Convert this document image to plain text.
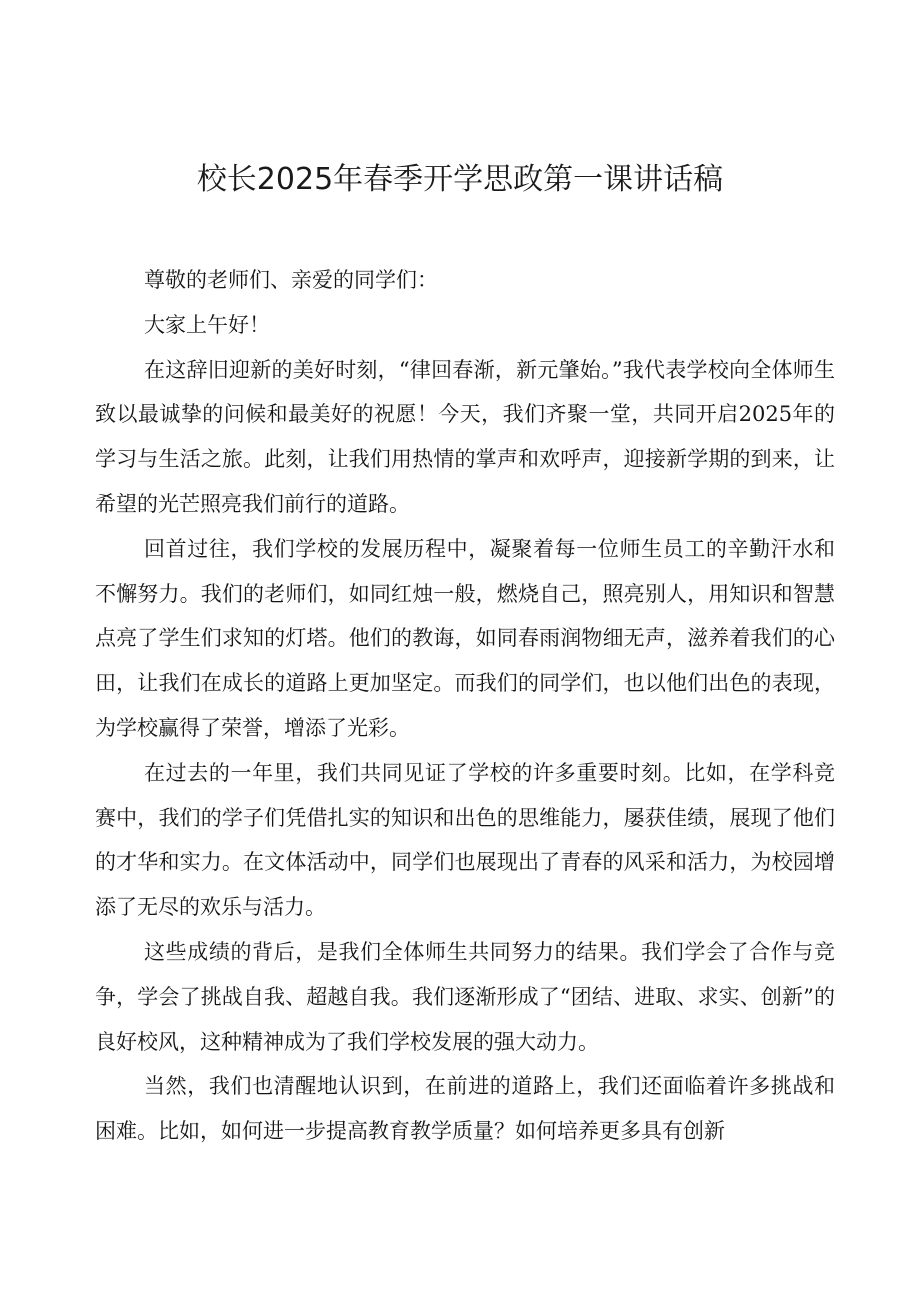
校长2025年春季开学思政第一课讲话稿

尊敬的老师们、亲爱的同学们：

大家上午好！

在这辞旧迎新的美好时刻，“律回春渐，新元肇始。”我代表学校向全体师生致以最诚挚的问候和最美好的祝愿！今天，我们齐聚一堂，共同开启2025年的学习与生活之旅。此刻，让我们用热情的掌声和欢呼声，迎接新学期的到来，让希望的光芒照亮我们前行的道路。

回首过往，我们学校的发展历程中，凝聚着每一位师生员工的辛勤汗水和不懈努力。我们的老师们，如同红烛一般，燃烧自己，照亮别人，用知识和智慧点亮了学生们求知的灯塔。他们的教诲，如同春雨润物细无声，滋养着我们的心田，让我们在成长的道路上更加坚定。而我们的同学们，也以他们出色的表现，为学校赢得了荣誉，增添了光彩。

在过去的一年里，我们共同见证了学校的许多重要时刻。比如，在学科竞赛中，我们的学子们凭借扎实的知识和出色的思维能力，屡获佳绩，展现了他们的才华和实力。在文体活动中，同学们也展现出了青春的风采和活力，为校园增添了无尽的欢乐与活力。

这些成绩的背后，是我们全体师生共同努力的结果。我们学会了合作与竞争，学会了挑战自我、超越自我。我们逐渐形成了“团结、进取、求实、创新”的良好校风，这种精神成为了我们学校发展的强大动力。

当然，我们也清醒地认识到，在前进的道路上，我们还面临着许多挑战和困难。比如，如何进一步提高教育教学质量？如何培养更多具有创新
